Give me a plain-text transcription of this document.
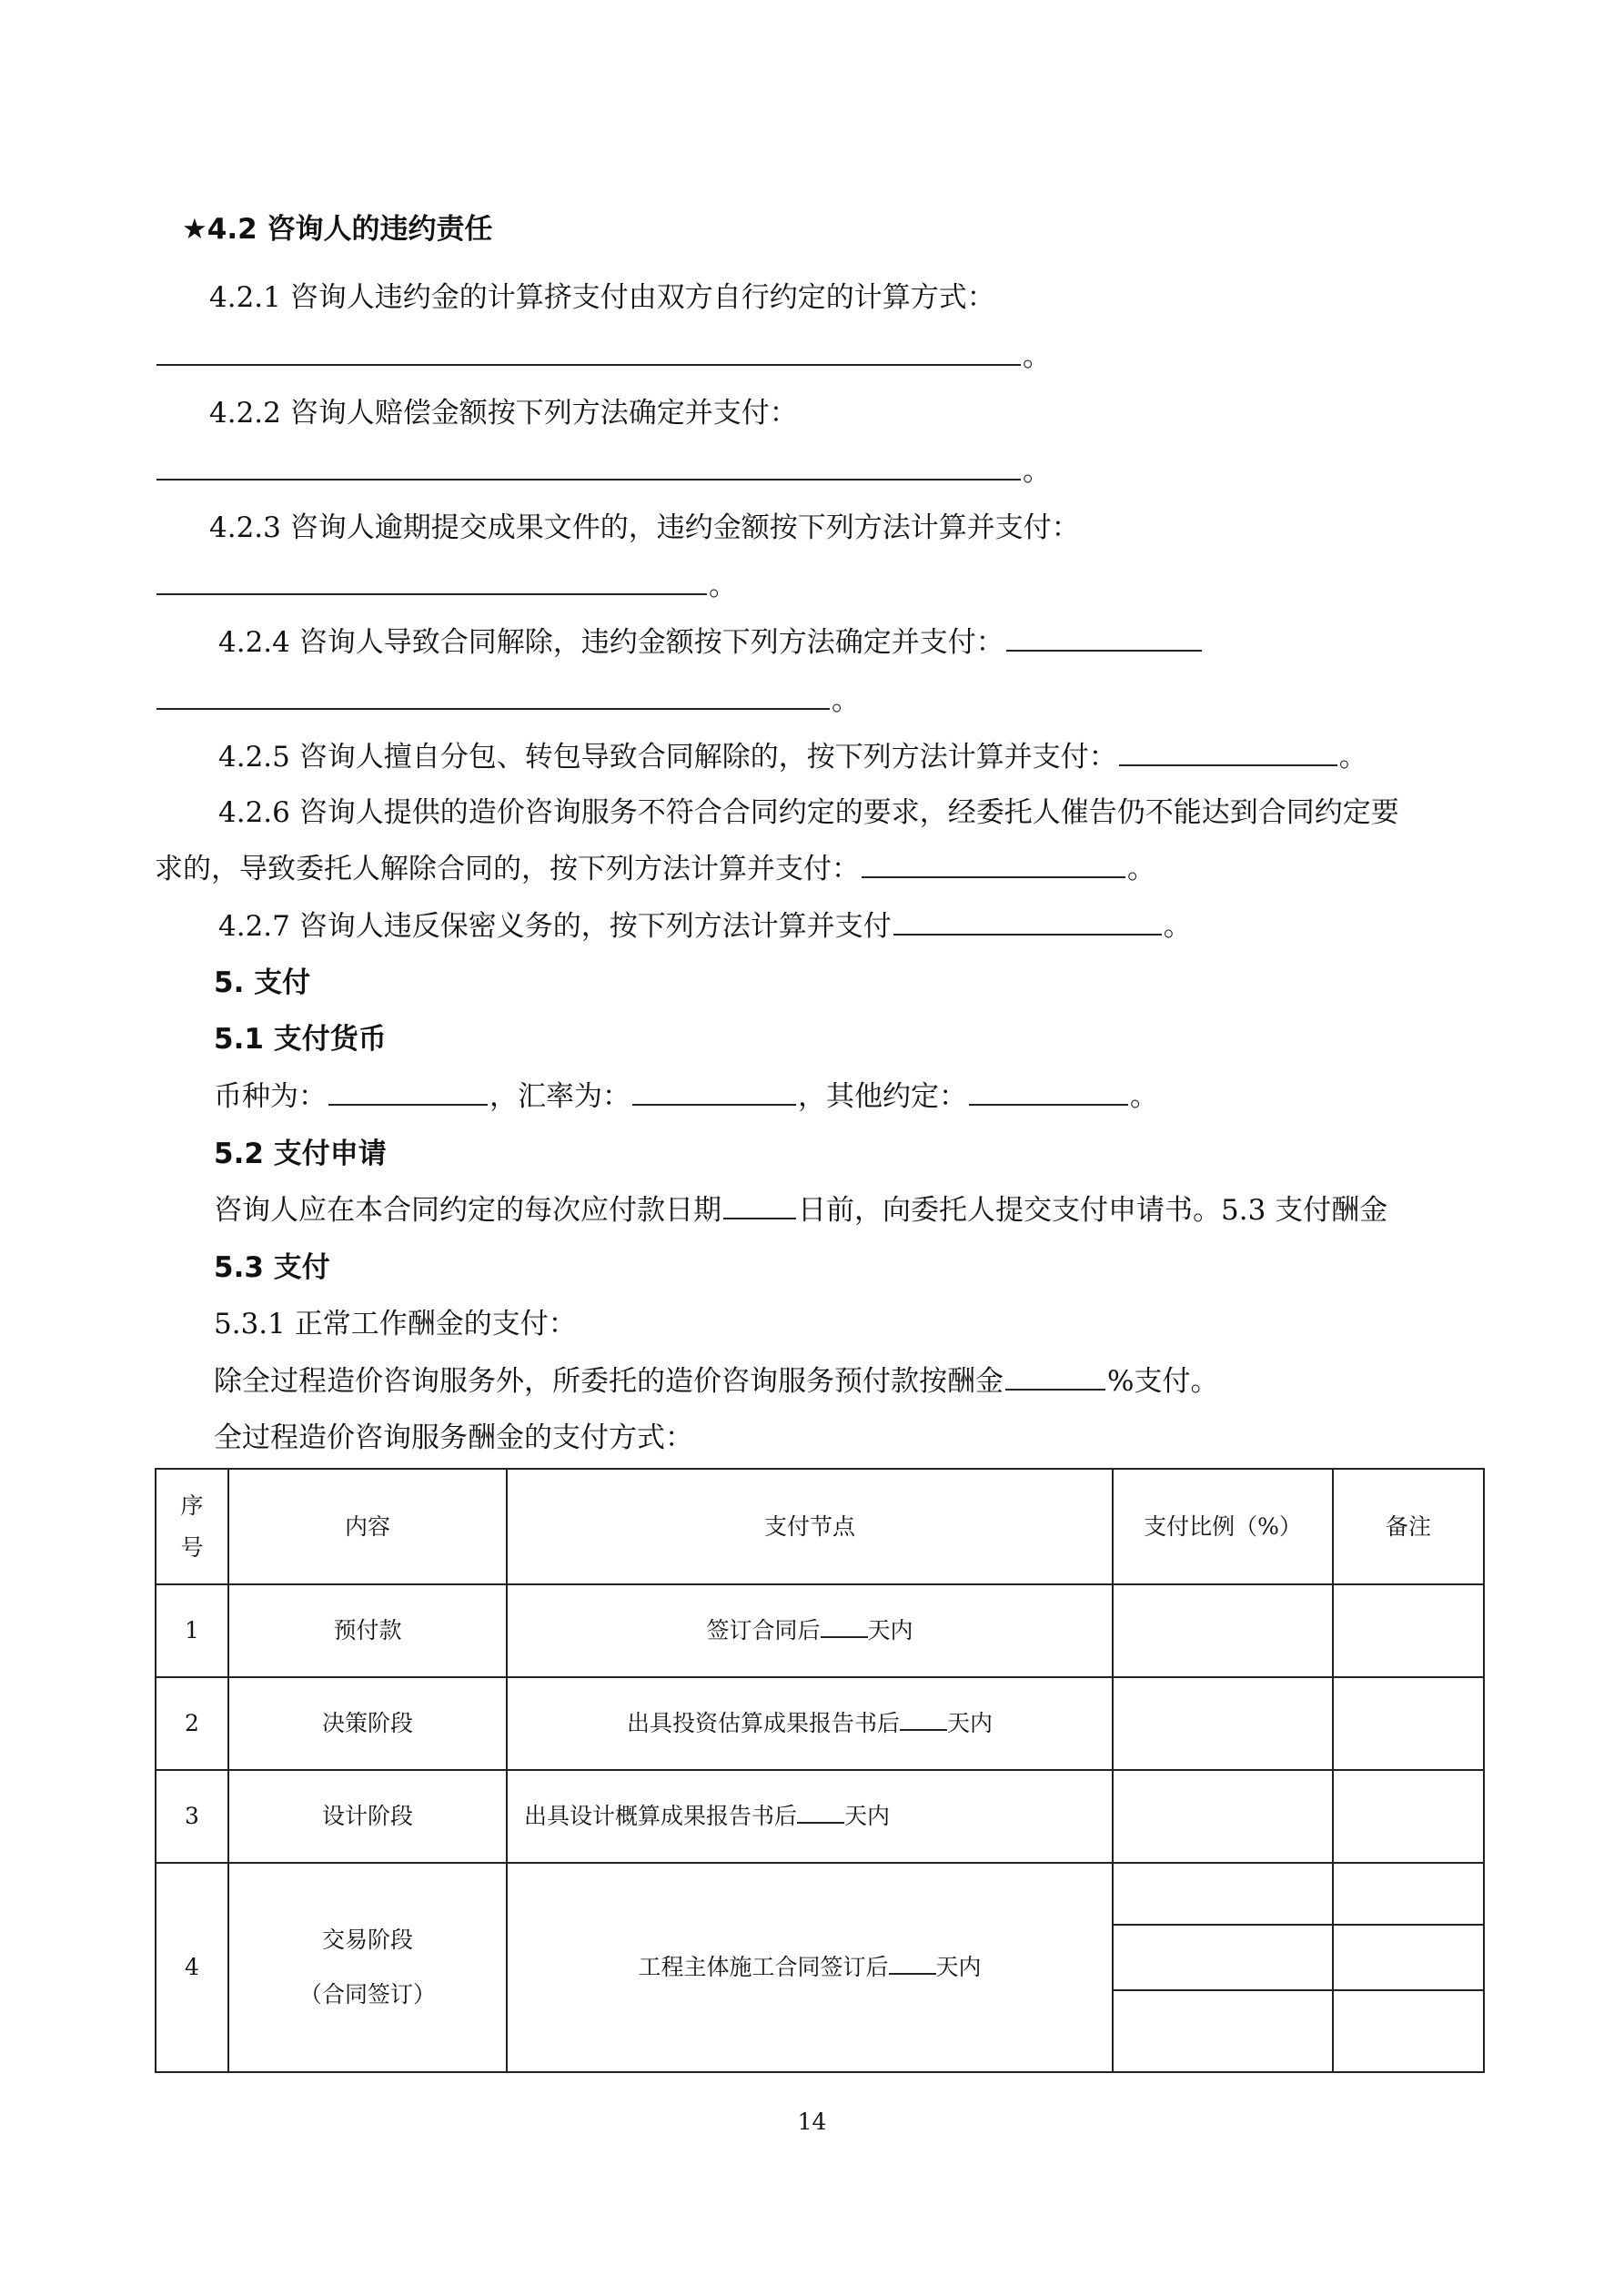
★4.2 咨询人的违约责任
4.2.1 咨询人违约金的计算挤支付由双方自行约定的计算方式：
。
4.2.2 咨询人赔偿金额按下列方法确定并支付：
。
4.2.3 咨询人逾期提交成果文件的，违约金额按下列方法计算并支付：
。
4.2.4 咨询人导致合同解除，违约金额按下列方法确定并支付：
。
4.2.5 咨询人擅自分包、转包导致合同解除的，按下列方法计算并支付：	。
4.2.6 咨询人提供的造价咨询服务不符合合同约定的要求，经委托人催告仍不能达到合同约定要
求的，导致委托人解除合同的，按下列方法计算并支付：	。
4.2.7 咨询人违反保密义务的，按下列方法计算并支付	。
5. 支付
5.1 支付货币
币种为：	，汇率为：	，其他约定：	。
5.2 支付申请
咨询人应在本合同约定的每次应付款日期	日前，向委托人提交支付申请书。5.3 支付酬金
5.3 支付
5.3.1 正常工作酬金的支付：
除全过程造价咨询服务外，所委托的造价咨询服务预付款按酬金	%支付。
全过程造价咨询服务酬金的支付方式：
序
号	内容	支付节点	支付比例（%）	备注
1	预付款	签订合同后 天内		
2	决策阶段	出具投资估算成果报告书后 天内		
3	设计阶段	出具设计概算成果报告书后 天内		
4	交易阶段
（合同签订）	工程主体施工合同签订后 天内		

14
